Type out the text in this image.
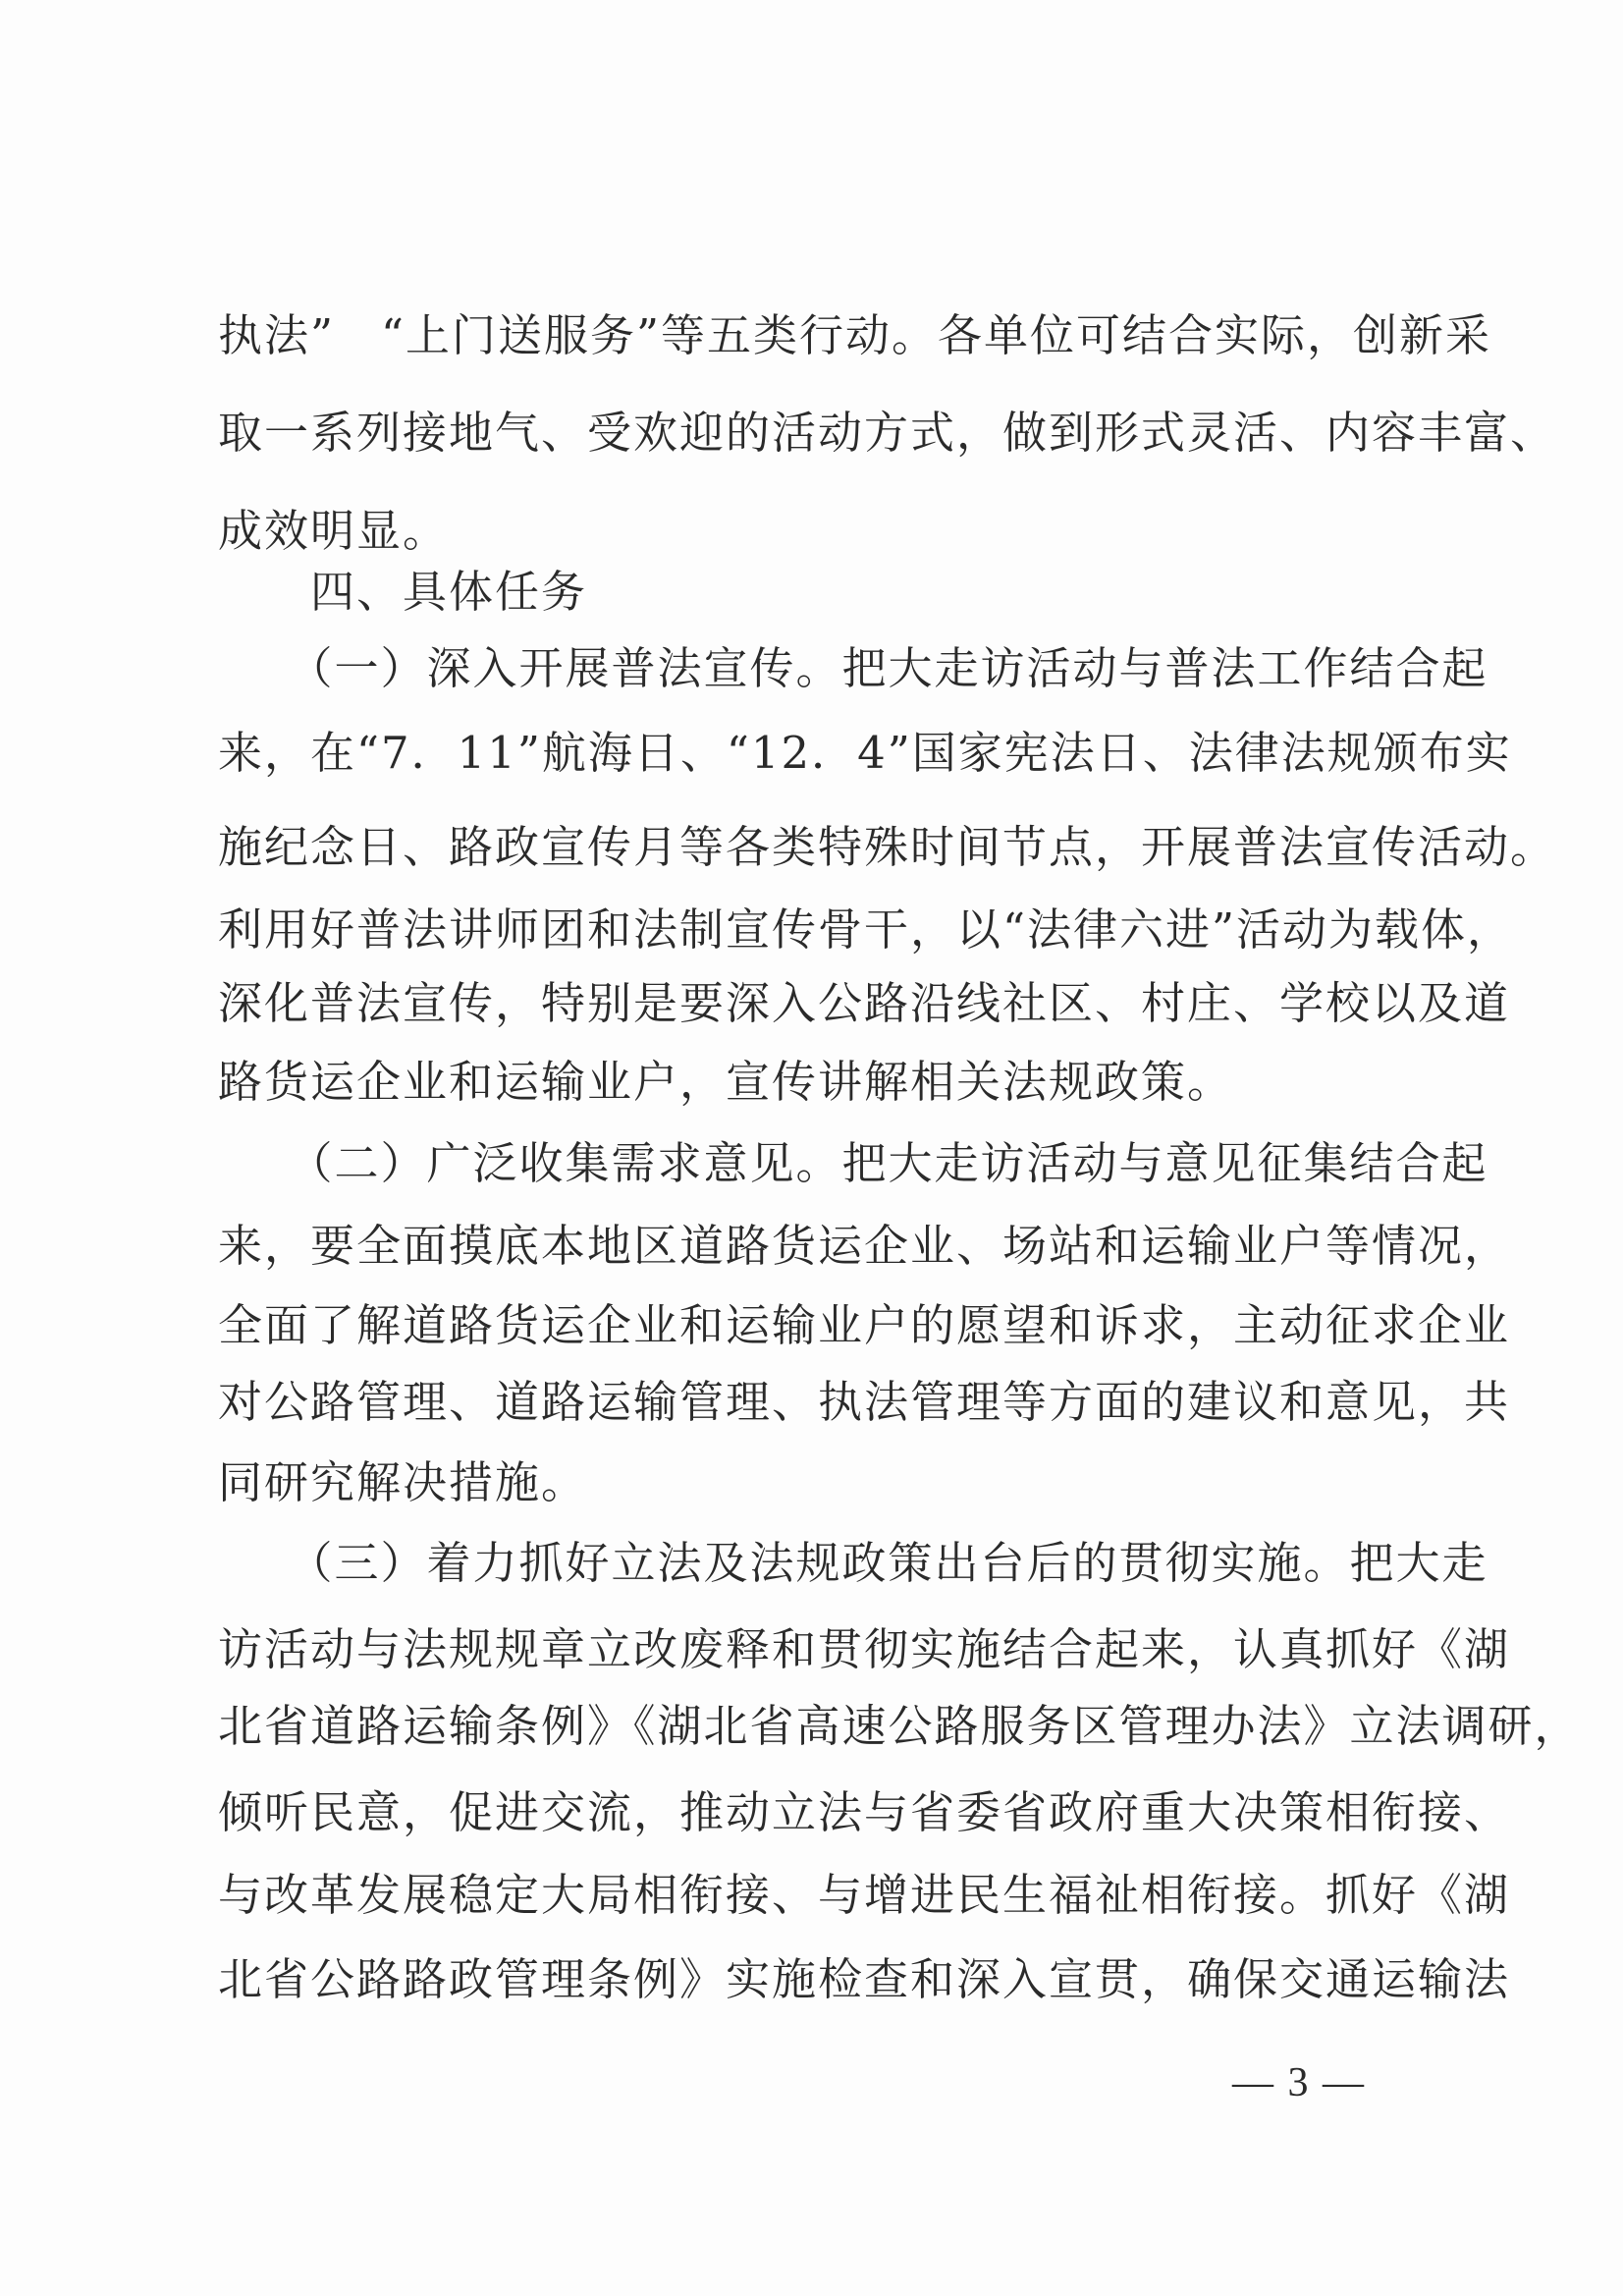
执法”　“上门送服务”等五类行动。各单位可结合实际，创新采
取一系列接地气、受欢迎的活动方式，做到形式灵活、内容丰富、
成效明显。
　　四、具体任务
　　（一）深入开展普法宣传。把大走访活动与普法工作结合起
来，在“7．11”航海日、“12．4”国家宪法日、法律法规颁布实
施纪念日、路政宣传月等各类特殊时间节点，开展普法宣传活动。
利用好普法讲师团和法制宣传骨干，以“法律六进”活动为载体，
深化普法宣传，特别是要深入公路沿线社区、村庄、学校以及道
路货运企业和运输业户，宣传讲解相关法规政策。
　　（二）广泛收集需求意见。把大走访活动与意见征集结合起
来，要全面摸底本地区道路货运企业、场站和运输业户等情况，
全面了解道路货运企业和运输业户的愿望和诉求，主动征求企业
对公路管理、道路运输管理、执法管理等方面的建议和意见，共
同研究解决措施。
　　（三）着力抓好立法及法规政策出台后的贯彻实施。把大走
访活动与法规规章立改废释和贯彻实施结合起来，认真抓好《湖
北省道路运输条例》《湖北省高速公路服务区管理办法》立法调研，
倾听民意，促进交流，推动立法与省委省政府重大决策相衔接、
与改革发展稳定大局相衔接、与增进民生福祉相衔接。抓好《湖
北省公路路政管理条例》实施检查和深入宣贯，确保交通运输法
— 3 —
